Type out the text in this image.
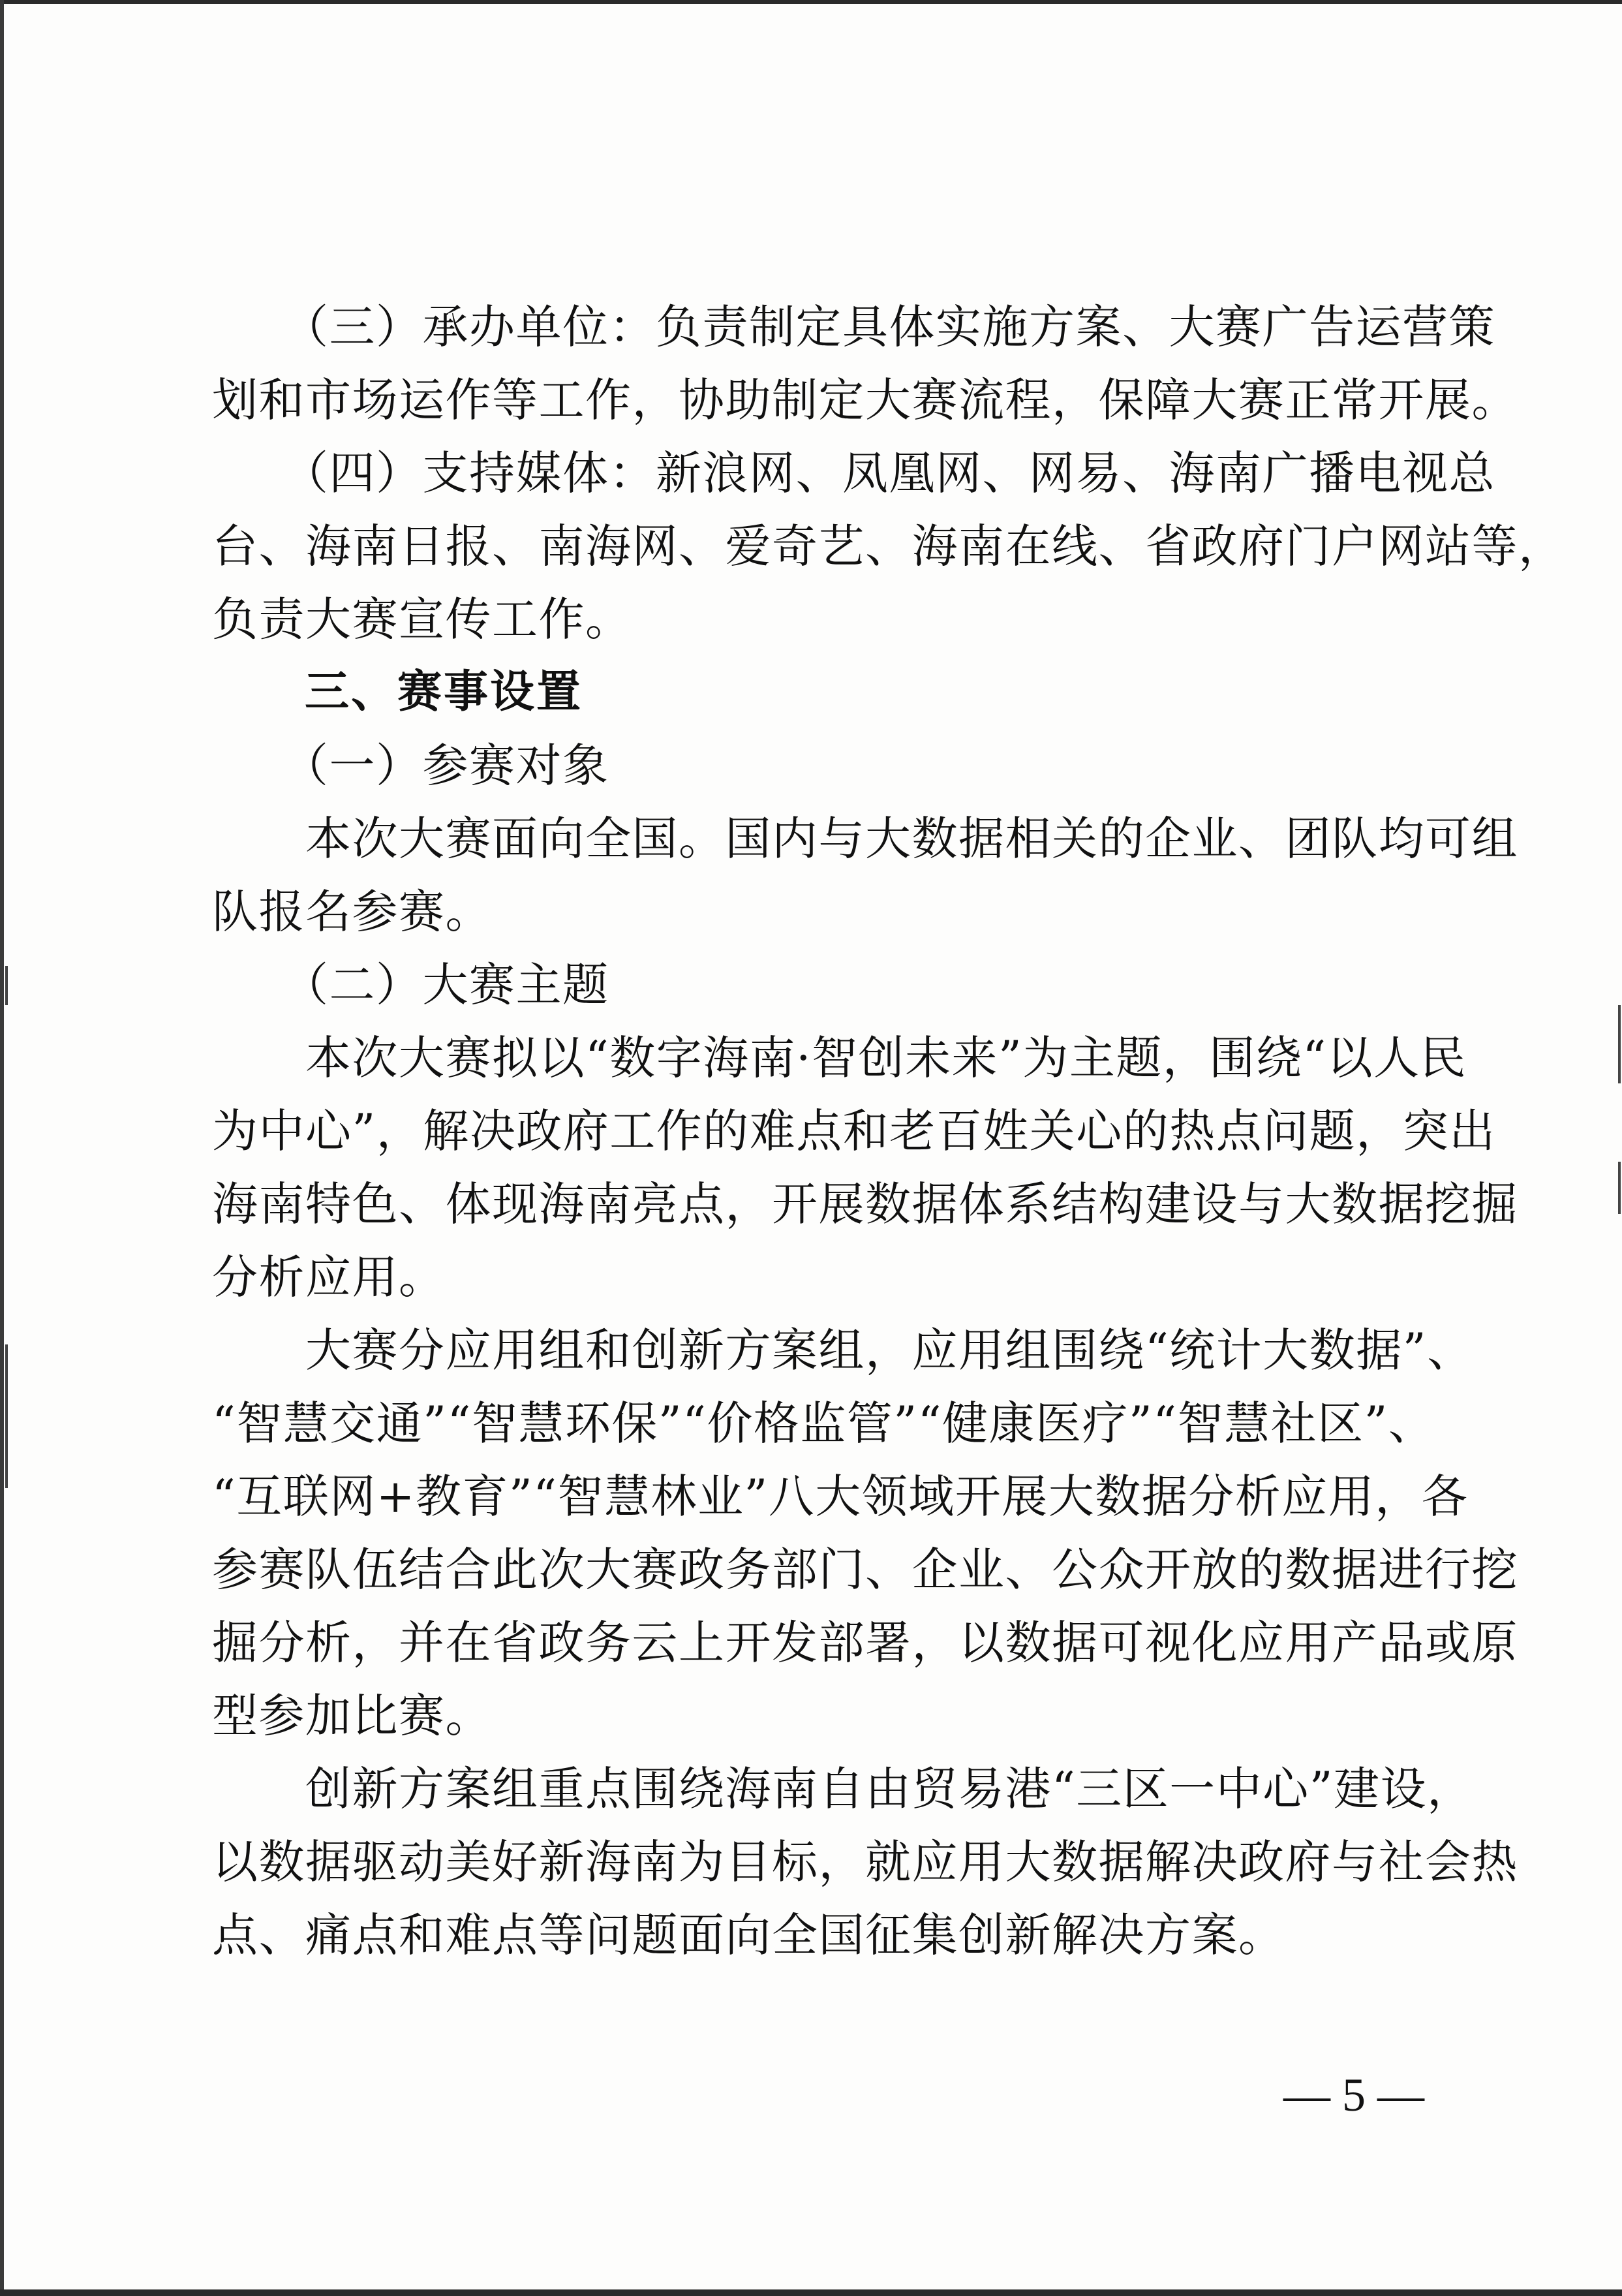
　　（三）承办单位：负责制定具体实施方案、大赛广告运营策
划和市场运作等工作，协助制定大赛流程，保障大赛正常开展。
　　（四）支持媒体：新浪网、凤凰网、网易、海南广播电视总
台、海南日报、南海网、爱奇艺、海南在线、省政府门户网站等，
负责大赛宣传工作。
　　三、赛事设置
　　（一）参赛对象
　　本次大赛面向全国。国内与大数据相关的企业、团队均可组
队报名参赛。
　　（二）大赛主题
　　本次大赛拟以“数字海南·智创未来”为主题，围绕“以人民
为中心”，解决政府工作的难点和老百姓关心的热点问题，突出
海南特色、体现海南亮点，开展数据体系结构建设与大数据挖掘
分析应用。
　　大赛分应用组和创新方案组，应用组围绕“统计大数据”、
“智慧交通”“智慧环保”“价格监管”“健康医疗”“智慧社区”、
“互联网+教育”“智慧林业”八大领域开展大数据分析应用，各
参赛队伍结合此次大赛政务部门、企业、公众开放的数据进行挖
掘分析，并在省政务云上开发部署，以数据可视化应用产品或原
型参加比赛。
　　创新方案组重点围绕海南自由贸易港“三区一中心”建设，
以数据驱动美好新海南为目标，就应用大数据解决政府与社会热
点、痛点和难点等问题面向全国征集创新解决方案。
— 5 —
